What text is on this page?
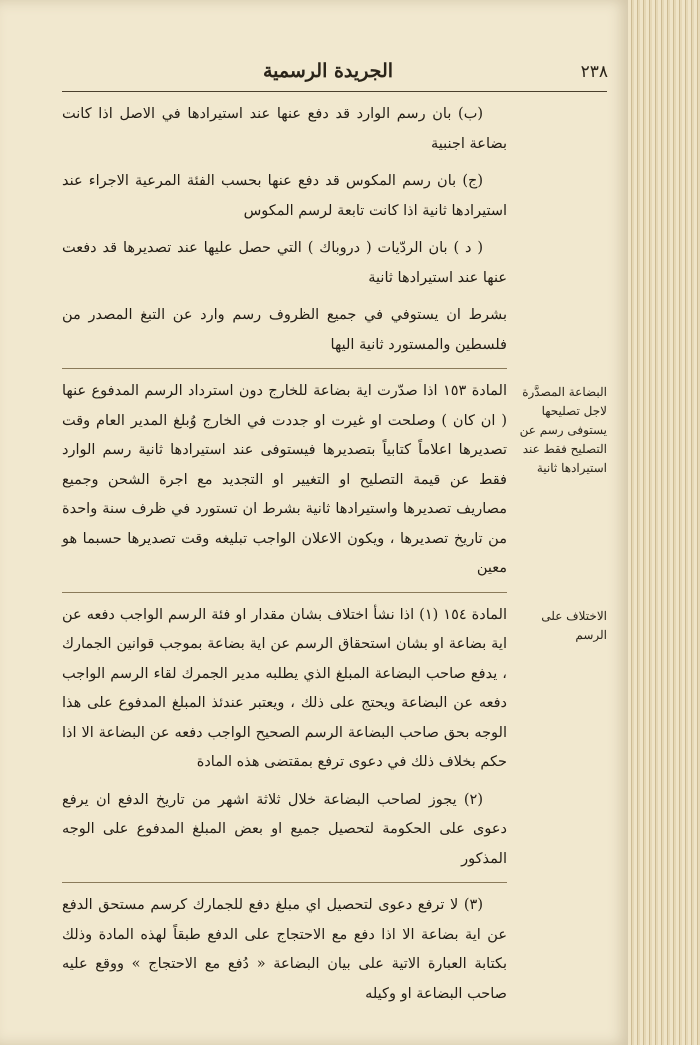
٢٣٨
الجريدة الرسمية

(ب) بان رسم الوارد قد دفع عنها عند استيرادها في الاصل اذا كانت بضاعة اجنبية

(ج) بان رسم المكوس قد دفع عنها بحسب الفئة المرعية الاجراء عند استيرادها ثانية اذا كانت تابعة لرسم المكوس

( د ) بان الردّيات ( دروباك ) التي حصل عليها عند تصديرها قد دفعت عنها عند استيرادها ثانية

بشرط ان يستوفي في جميع الظروف رسم وارد عن التبغ المصدر من فلسطين والمستورد ثانية اليها

البضاعة المصدَّرة لاجل تصليحها يستوفى رسم عن التصليح فقط عند استيرادها ثانية

المادة ١٥٣ اذا صدّرت اية بضاعة للخارج دون استرداد الرسم المدفوع عنها ( ان كان ) وصلحت او غيرت او جددت في الخارج وُبلغ المدير العام وقت تصديرها اعلاماً كتابياً بتصديرها فيستوفى عند استيرادها ثانية رسم الوارد فقط عن قيمة التصليح او التغيير او التجديد مع اجرة الشحن وجميع مصاريف تصديرها واستيرادها ثانية بشرط ان تستورد في ظرف سنة واحدة من تاريخ تصديرها ، ويكون الاعلان الواجب تبليغه وقت تصديرها حسبما هو معين

الاختلاف على الرسم

المادة ١٥٤ (١) اذا نشأ اختلاف بشان مقدار او فئة الرسم الواجب دفعه عن اية بضاعة او بشان استحقاق الرسم عن اية بضاعة بموجب قوانين الجمارك ، يدفع صاحب البضاعة المبلغ الذي يطلبه مدير الجمرك لقاء الرسم الواجب دفعه عن البضاعة ويحتج على ذلك ، ويعتبر عندئذ المبلغ المدفوع على هذا الوجه بحق صاحب البضاعة الرسم الصحيح الواجب دفعه عن البضاعة الا اذا حكم بخلاف ذلك في دعوى ترفع بمقتضى هذه المادة

(٢) يجوز لصاحب البضاعة خلال ثلاثة اشهر من تاريخ الدفع ان يرفع دعوى على الحكومة لتحصيل جميع او بعض المبلغ المدفوع على الوجه المذكور

(٣) لا ترفع دعوى لتحصيل اي مبلغ دفع للجمارك كرسم مستحق الدفع عن اية بضاعة الا اذا دفع مع الاحتجاج على الدفع طبقاً لهذه المادة وذلك بكتابة العبارة الاتية على بيان البضاعة « دُفع مع الاحتجاج » ووقع عليه صاحب البضاعة او وكيله
